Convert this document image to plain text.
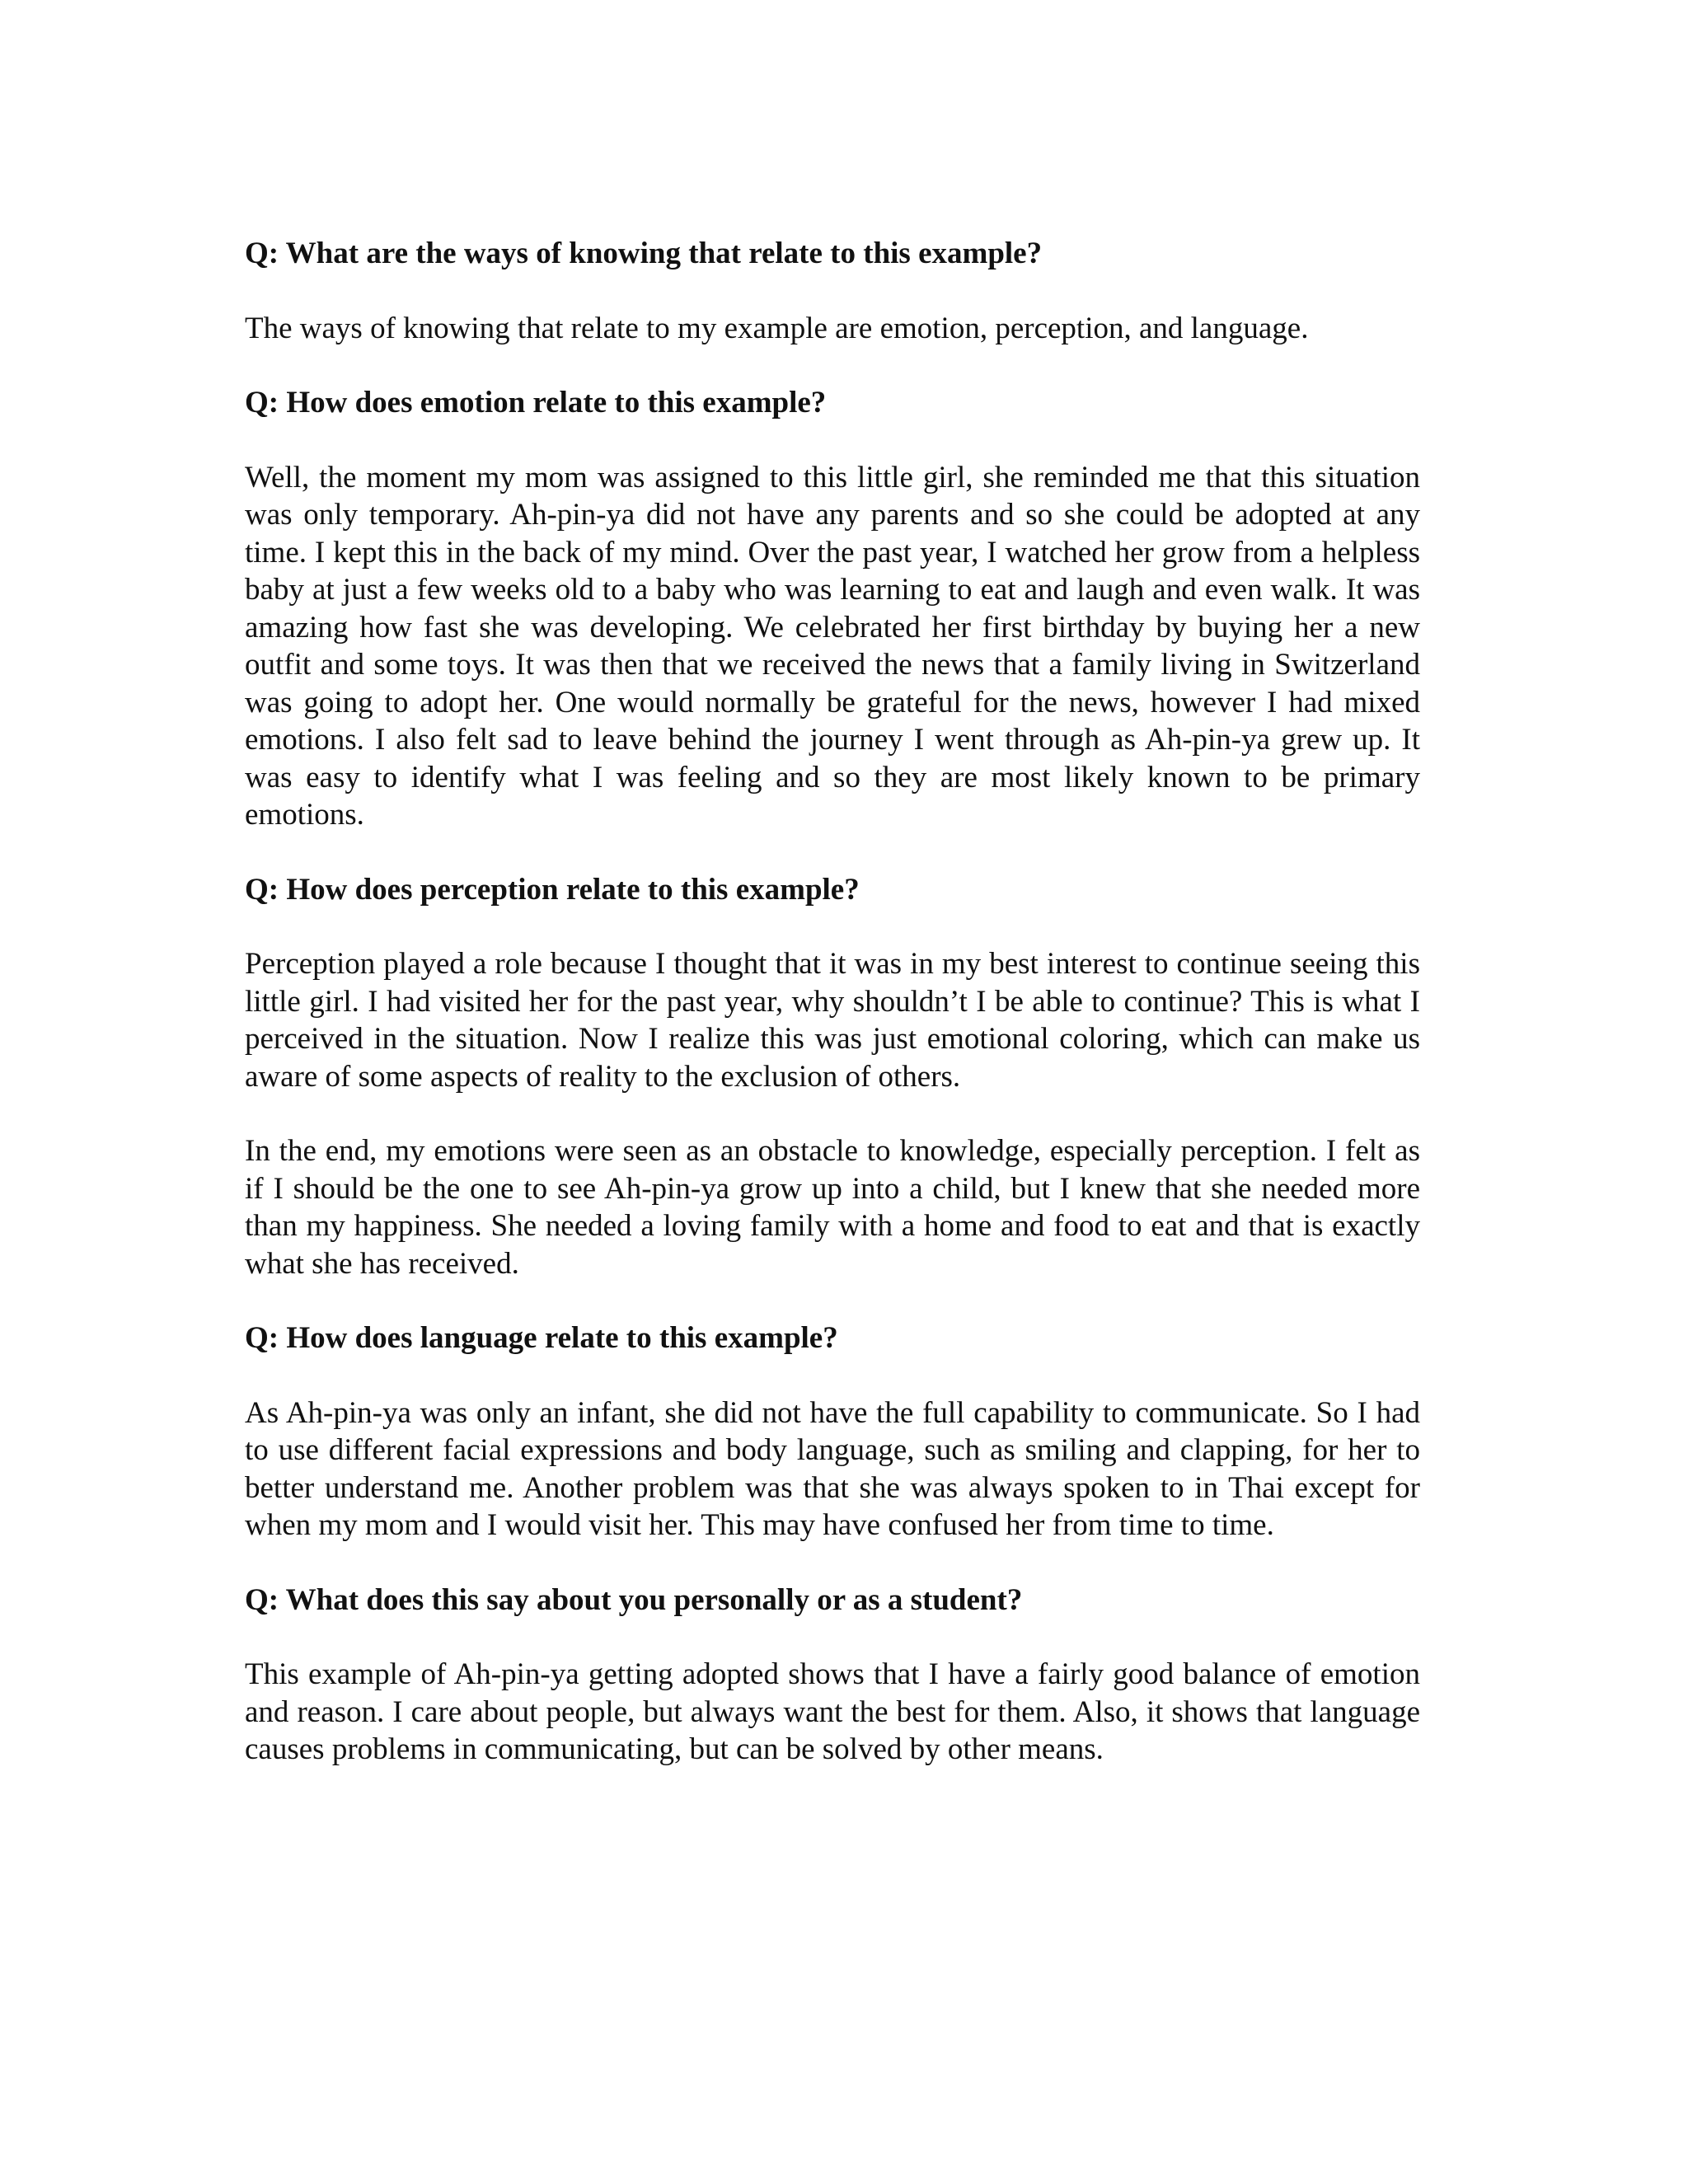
Q: What are the ways of knowing that relate to this example?

The ways of knowing that relate to my example are emotion, perception, and language.

Q: How does emotion relate to this example?

Well, the moment my mom was assigned to this little girl, she reminded me that this situation was only temporary. Ah-pin-ya did not have any parents and so she could be adopted at any time. I kept this in the back of my mind. Over the past year, I watched her grow from a helpless baby at just a few weeks old to a baby who was learning to eat and laugh and even walk. It was amazing how fast she was developing. We celebrated her first birthday by buying her a new outfit and some toys. It was then that we received the news that a family living in Switzerland was going to adopt her. One would normally be grateful for the news, however I had mixed emotions. I also felt sad to leave behind the journey I went through as Ah-pin-ya grew up. It was easy to identify what I was feeling and so they are most likely known to be primary emotions.

Q: How does perception relate to this example?

Perception played a role because I thought that it was in my best interest to continue seeing this little girl. I had visited her for the past year, why shouldn’t I be able to continue? This is what I perceived in the situation. Now I realize this was just emotional coloring, which can make us aware of some aspects of reality to the exclusion of others.

In the end, my emotions were seen as an obstacle to knowledge, especially perception. I felt as if I should be the one to see Ah-pin-ya grow up into a child, but I knew that she needed more than my happiness. She needed a loving family with a home and food to eat and that is exactly what she has received.

Q: How does language relate to this example?

As Ah-pin-ya was only an infant, she did not have the full capability to communicate. So I had to use different facial expressions and body language, such as smiling and clapping, for her to better understand me. Another problem was that she was always spoken to in Thai except for when my mom and I would visit her. This may have confused her from time to time.

Q: What does this say about you personally or as a student?

This example of Ah-pin-ya getting adopted shows that I have a fairly good balance of emotion and reason. I care about people, but always want the best for them. Also, it shows that language causes problems in communicating, but can be solved by other means.
